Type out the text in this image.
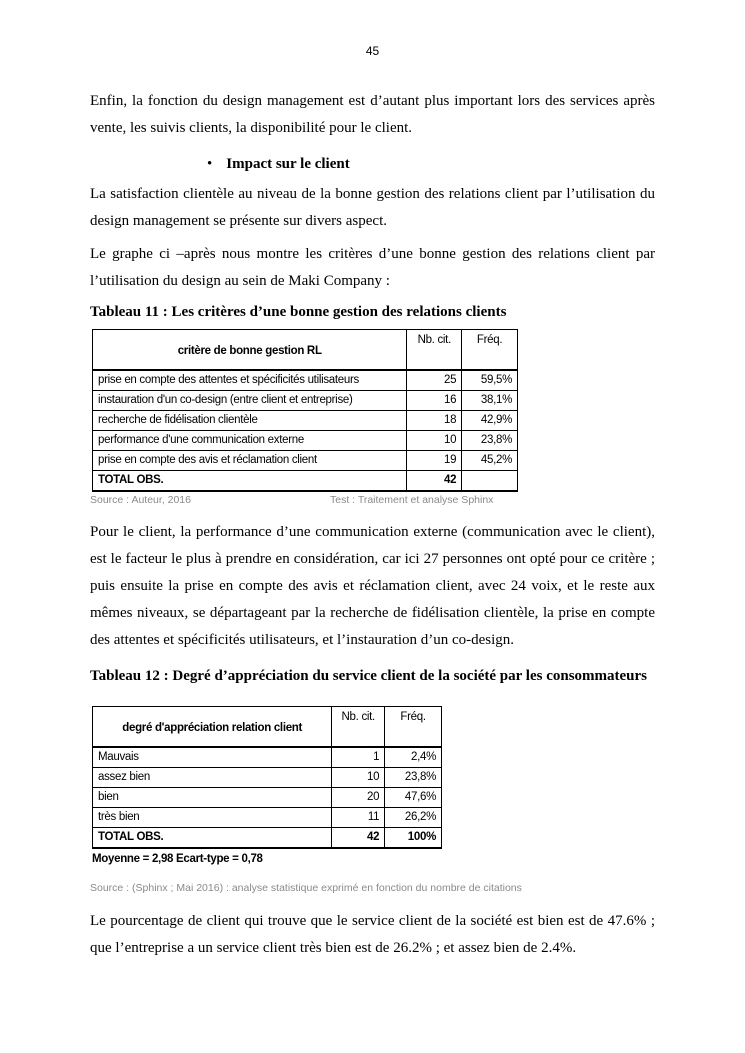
45
Enfin, la fonction du design management est d’autant plus important lors des services après vente, les suivis clients, la disponibilité pour le client.
• Impact sur le client
La satisfaction clientèle au niveau de la bonne gestion des relations client par l’utilisation du design management se présente sur divers aspect.
Le graphe ci –après nous montre les critères d’une bonne gestion des relations client par l’utilisation du design au sein de Maki Company :
Tableau 11 : Les critères d’une bonne gestion des relations clients
critère de bonne gestion RL	Nb. cit.	Fréq.
prise en compte des attentes et spécificités utilisateurs	25	59,5%
instauration d'un co-design (entre client et entreprise)	16	38,1%
recherche de fidélisation clientèle	18	42,9%
performance d'une communication externe	10	23,8%
prise en compte des avis et réclamation client	19	45,2%
TOTAL OBS.	42	
Source : Auteur, 2016	Test : Traitement et analyse Sphinx
Pour le client, la performance d’une communication externe (communication avec le client), est le facteur le plus à prendre en considération, car ici 27 personnes ont opté pour ce critère ; puis ensuite la prise en compte des avis et réclamation client, avec 24 voix, et le reste aux mêmes niveaux, se départageant par la recherche de fidélisation clientèle, la prise en compte des attentes et spécificités utilisateurs, et l’instauration d’un co-design.
Tableau 12 : Degré d’appréciation du service client de la société par les consommateurs
degré d'appréciation relation client	Nb. cit.	Fréq.
Mauvais	1	2,4%
assez bien	10	23,8%
bien	20	47,6%
très bien	11	26,2%
TOTAL OBS.	42	100%
Moyenne = 2,98 Ecart-type = 0,78
Source : (Sphinx ; Mai 2016) : analyse statistique exprimé en fonction du nombre de citations
Le pourcentage de client qui trouve que le service client de la société est bien est de 47.6% ; que l’entreprise a un service client très bien est de 26.2% ; et assez bien de 2.4%.
